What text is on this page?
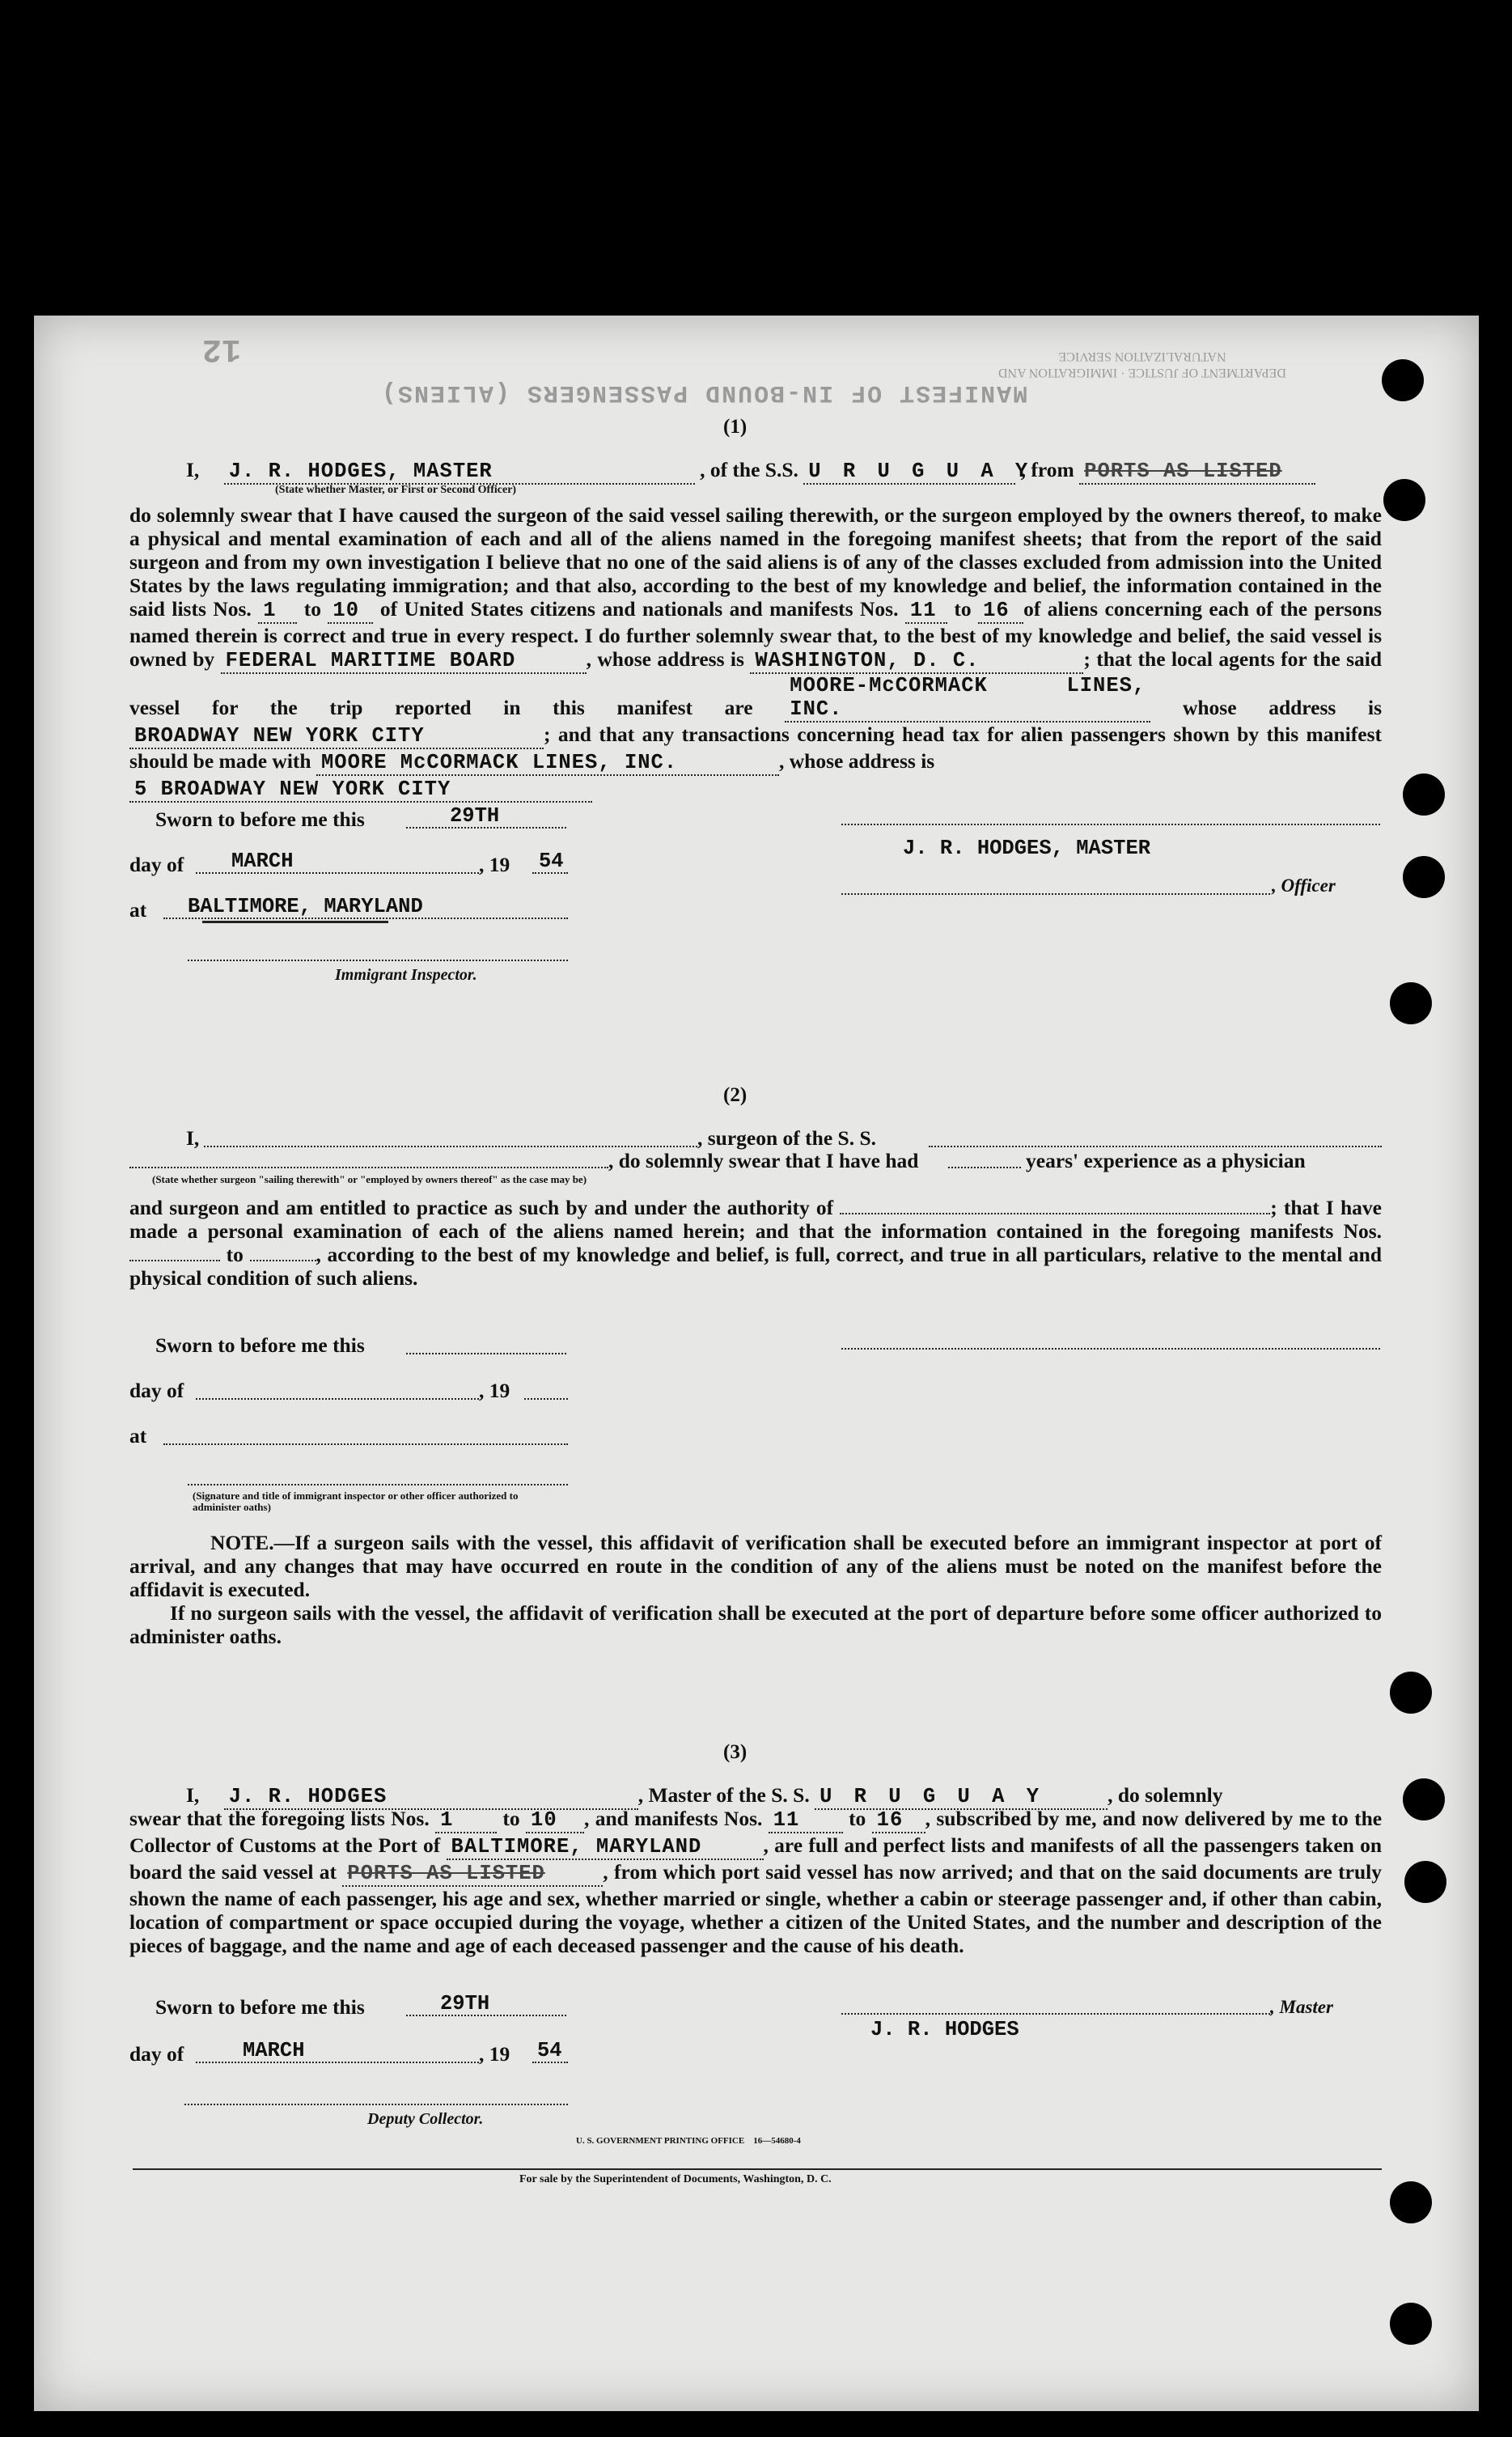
12
MANIFEST OF IN-BOUND PASSENGERS (ALIENS)
DEPARTMENT OF JUSTICE · IMMIGRATION AND NATURALIZATION SERVICE
(1)
I, J. R. HODGES, MASTER	, of the S.S. U R U G U A Y , from PORTS AS LISTED
(State whether Master, or First or Second Officer)
do solemnly swear that I have caused the surgeon of the said vessel sailing therewith, or the surgeon employed by the owners thereof, to make a physical and mental examination of each and all of the aliens named in the foregoing manifest sheets; that from the report of the said surgeon and from my own investigation I believe that no one of the said aliens is of any of the classes excluded from admission into the United States by the laws regulating immigration; and that also, according to the best of my knowledge and belief, the information contained in the said lists Nos. 1 to 10 of United States citizens and nationals and manifests Nos. 11 to 16 of aliens concerning each of the persons named therein is correct and true in every respect. I do further solemnly swear that, to the best of my knowledge and belief, the said vessel is owned by FEDERAL MARITIME BOARD	, whose address is WASHINGTON, D. C.	; that the local agents for the said vessel for the trip reported in this manifest are MOORE-McCORMACK LINES, INC.	whose address is BROADWAY NEW YORK CITY	; and that any transactions concerning head tax for alien passengers shown by this manifest should be made with MOORE McCORMACK LINES, INC.	, whose address is
5 BROADWAY NEW YORK CITY
Sworn to before me this	29TH
day of MARCH	, 19 54
at BALTIMORE, MARYLAND
Immigrant Inspector.
J. R. HODGES, MASTER
, Officer
(2)
I,	, surgeon of the S. S.
, do solemnly swear that I have had	years' experience as a physician
(State whether surgeon "sailing therewith" or "employed by owners thereof" as the case may be)
and surgeon and am entitled to practice as such by and under the authority of	; that I have made a personal examination of each of the aliens named herein; and that the information contained in the foregoing manifests Nos.  to	, according to the best of my knowledge and belief, is full, correct, and true in all particulars, relative to the mental and physical condition of such aliens.
Sworn to before me this
day of	, 19
at
(Signature and title of immigrant inspector or other officer authorized to administer oaths)
NOTE.—If a surgeon sails with the vessel, this affidavit of verification shall be executed before an immigrant inspector at port of arrival, and any changes that may have occurred en route in the condition of any of the aliens must be noted on the manifest before the affidavit is executed.
If no surgeon sails with the vessel, the affidavit of verification shall be executed at the port of departure before some officer authorized to administer oaths.
(3)
I, J. R. HODGES	, Master of the S. S. U R U G U A Y	, do solemnly
swear that the foregoing lists Nos. 1 to 10 , and manifests Nos. 11 to 16 , subscribed by me, and now delivered by me to the Collector of Customs at the Port of BALTIMORE, MARYLAND	, are full and perfect lists and manifests of all the passengers taken on board the said vessel at PORTS AS LISTED	, from which port said vessel has now arrived; and that on the said documents are truly shown the name of each passenger, his age and sex, whether married or single, whether a cabin or steerage passenger and, if other than cabin, location of compartment or space occupied during the voyage, whether a citizen of the United States, and the number and description of the pieces of baggage, and the name and age of each deceased passenger and the cause of his death.
Sworn to before me this	29TH
day of	MARCH	, 19 54
Deputy Collector.
, Master
J. R. HODGES
U. S. GOVERNMENT PRINTING OFFICE    16—54680-4
For sale by the Superintendent of Documents, Washington, D. C.
